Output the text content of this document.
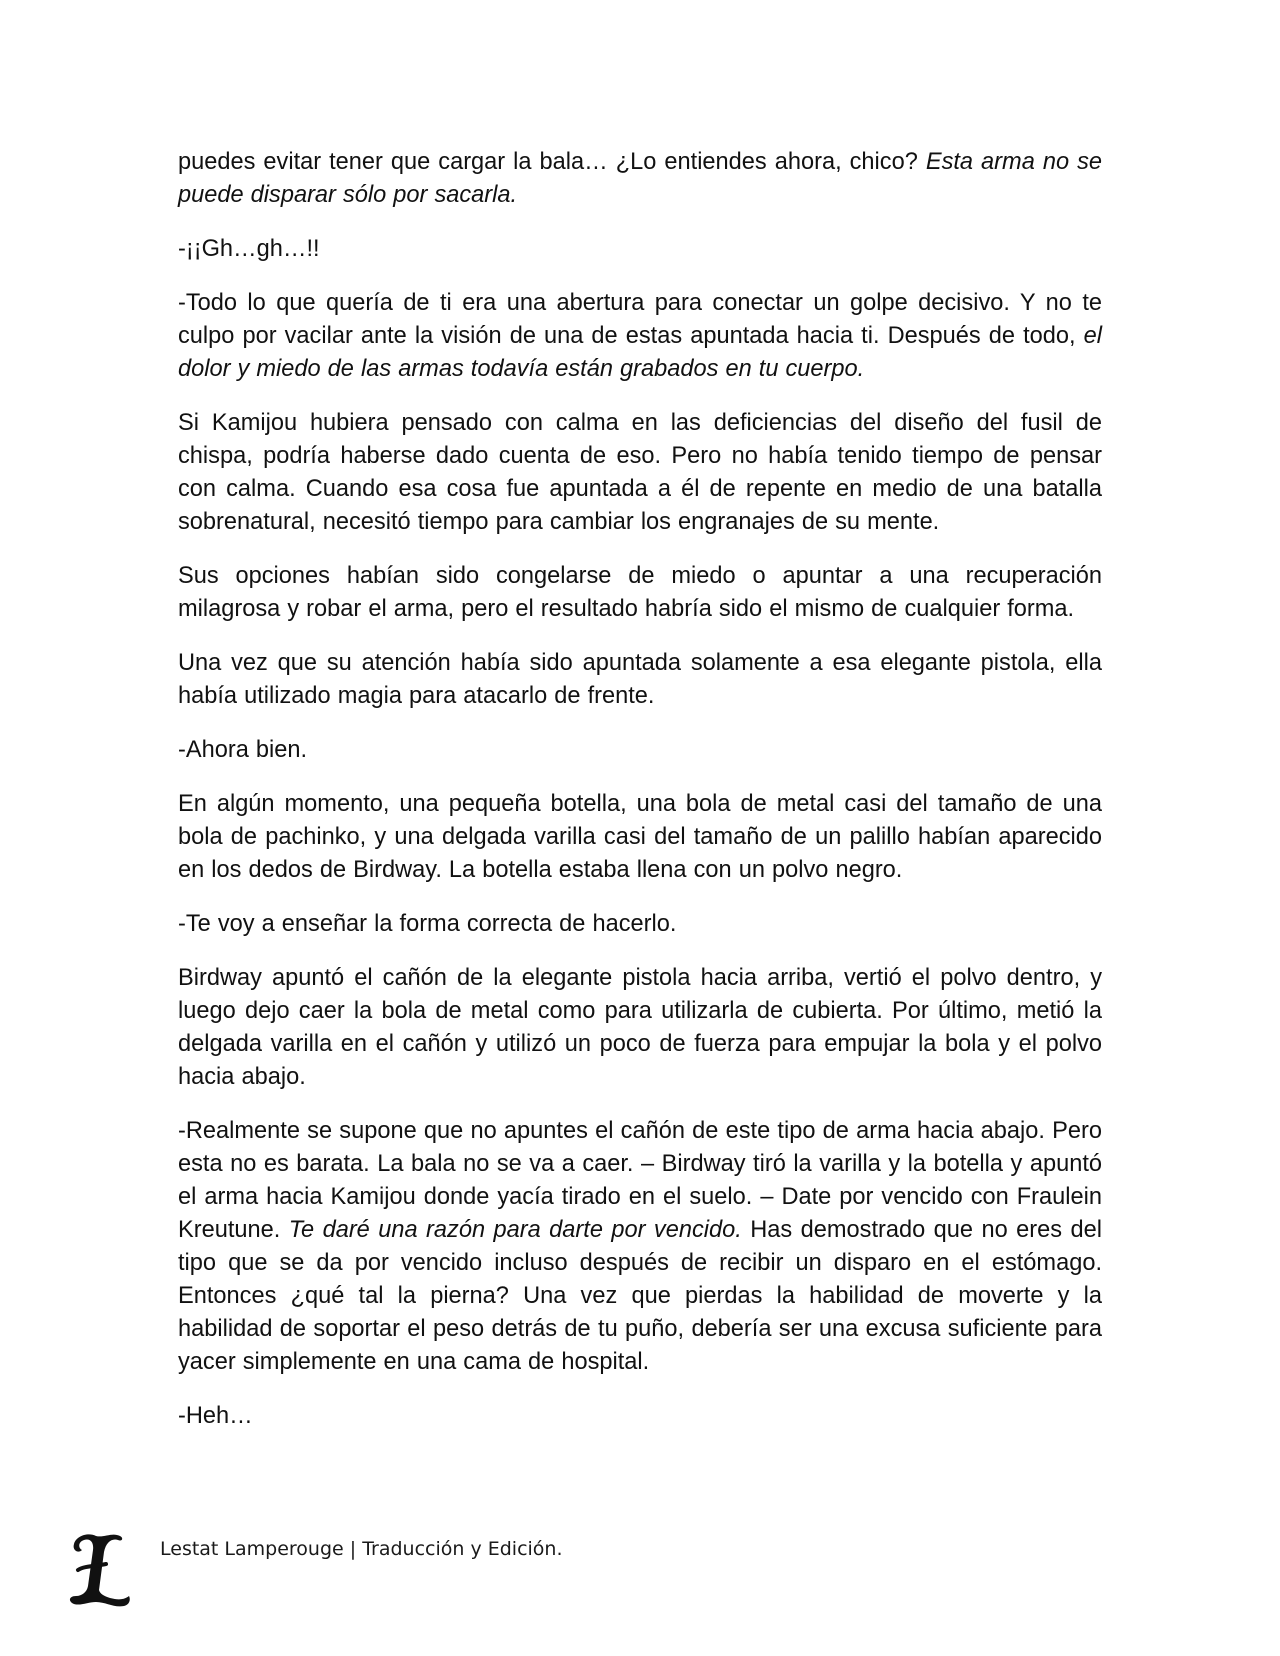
puedes evitar tener que cargar la bala… ¿Lo entiendes ahora, chico? Esta arma no se puede disparar sólo por sacarla.

-¡¡Gh…gh…!!

-Todo lo que quería de ti era una abertura para conectar un golpe decisivo. Y no te culpo por vacilar ante la visión de una de estas apuntada hacia ti. Después de todo, el dolor y miedo de las armas todavía están grabados en tu cuerpo.

Si Kamijou hubiera pensado con calma en las deficiencias del diseño del fusil de chispa, podría haberse dado cuenta de eso. Pero no había tenido tiempo de pensar con calma. Cuando esa cosa fue apuntada a él de repente en medio de una batalla sobrenatural, necesitó tiempo para cambiar los engranajes de su mente.

Sus opciones habían sido congelarse de miedo o apuntar a una recuperación milagrosa y robar el arma, pero el resultado habría sido el mismo de cualquier forma.

Una vez que su atención había sido apuntada solamente a esa elegante pistola, ella había utilizado magia para atacarlo de frente.

-Ahora bien.

En algún momento, una pequeña botella, una bola de metal casi del tamaño de una bola de pachinko, y una delgada varilla casi del tamaño de un palillo habían aparecido en los dedos de Birdway. La botella estaba llena con un polvo negro.

-Te voy a enseñar la forma correcta de hacerlo.

Birdway apuntó el cañón de la elegante pistola hacia arriba, vertió el polvo dentro, y luego dejo caer la bola de metal como para utilizarla de cubierta. Por último, metió la delgada varilla en el cañón y utilizó un poco de fuerza para empujar la bola y el polvo hacia abajo.

-Realmente se supone que no apuntes el cañón de este tipo de arma hacia abajo. Pero esta no es barata. La bala no se va a caer. – Birdway tiró la varilla y la botella y apuntó el arma hacia Kamijou donde yacía tirado en el suelo. – Date por vencido con Fraulein Kreutune. Te daré una razón para darte por vencido. Has demostrado que no eres del tipo que se da por vencido incluso después de recibir un disparo en el estómago. Entonces ¿qué tal la pierna? Una vez que pierdas la habilidad de moverte y la habilidad de soportar el peso detrás de tu puño, debería ser una excusa suficiente para yacer simplemente en una cama de hospital.

-Heh…

Lestat Lamperouge | Traducción y Edición.
